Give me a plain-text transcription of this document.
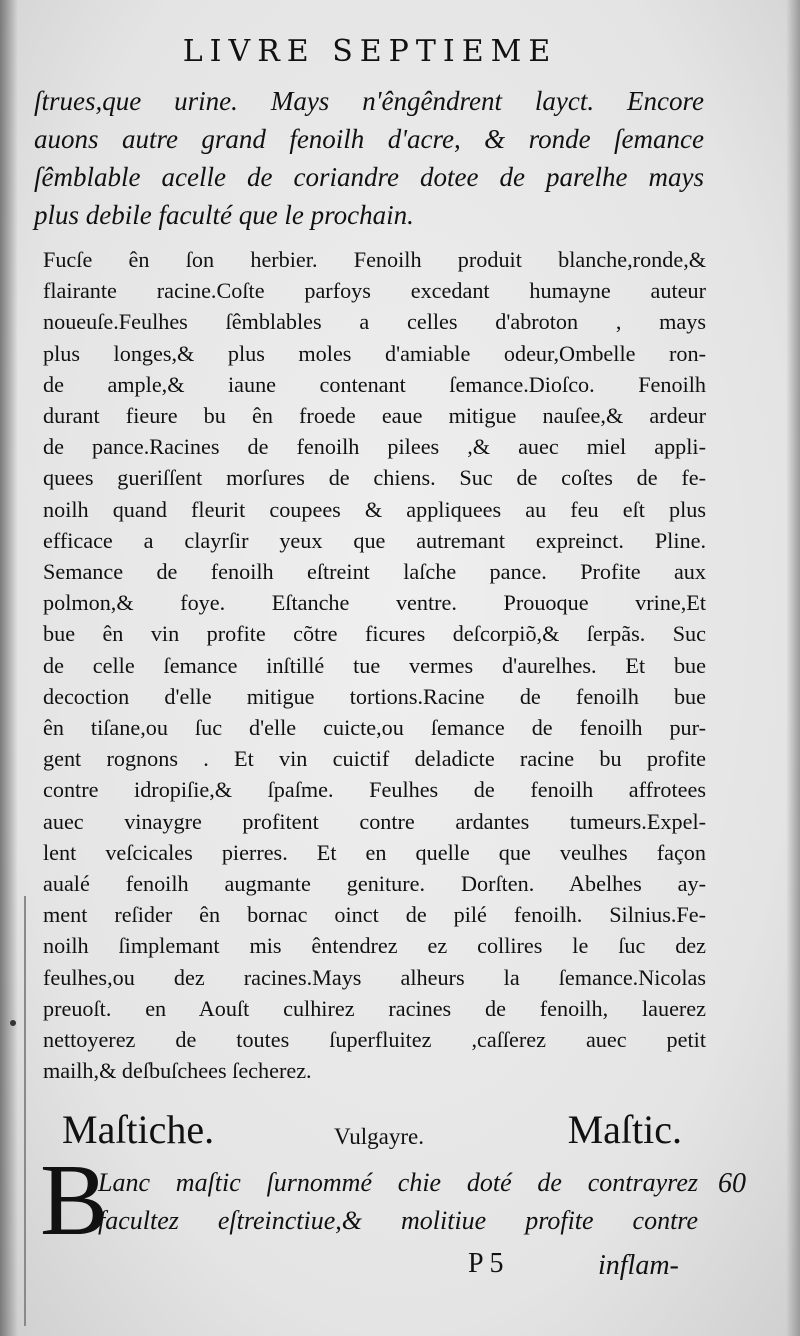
LIVRE SEPTIEME
ſtrues,que urine. Mays n'êngêndrent layct. Encore
auons autre grand fenoilh d'acre, & ronde ſemance
ſêmblable acelle de coriandre dotee de parelhe mays
plus debile faculté que le prochain.
Fucſe ên ſon herbier. Fenoilh produit blanche,ronde,&
flairante racine.Coſte parfoys excedant humayne auteur
noueuſe.Feulhes ſêmblables a celles d'abroton , mays
plus longes,& plus moles d'amiable odeur,Ombelle ron-
de ample,& iaune contenant ſemance.Dioſco. Fenoilh
durant fieure bu ên froede eaue mitigue nauſee,& ardeur
de pance.Racines de fenoilh pilees ,& auec miel appli-
quees gueriſſent morſures de chiens. Suc de coſtes de fe-
noilh quand fleurit coupees & appliquees au feu eſt plus
efficace a clayrſir yeux que autremant expreinct. Pline.
Semance de fenoilh eſtreint laſche pance. Profite aux
polmon,& foye. Eſtanche ventre. Prouoque vrine,Et
bue ên vin profite cõtre ficures deſcorpiõ,& ſerpãs. Suc
de celle ſemance inſtillé tue vermes d'aurelhes. Et bue
decoction d'elle mitigue tortions.Racine de fenoilh bue
ên tiſane,ou ſuc d'elle cuicte,ou ſemance de fenoilh pur-
gent rognons . Et vin cuictif deladicte racine bu profite
contre idropiſie,& ſpaſme. Feulhes de fenoilh affrotees
auec vinaygre profitent contre ardantes tumeurs.Expel-
lent veſcicales pierres. Et en quelle que veulhes façon
aualé fenoilh augmante geniture. Dorſten. Abelhes ay-
ment reſider ên bornac oinct de pilé fenoilh. Silnius.Fe-
noilh ſimplemant mis êntendrez ez collires le ſuc dez
feulhes,ou dez racines.Mays alheurs la ſemance.Nicolas
preuoſt. en Aouſt culhirez racines de fenoilh, lauerez
nettoyerez de toutes ſuperfluitez ,caſſerez auec petit
mailh,& deſbuſchees ſecherez.
Maſtiche.	Vulgayre.	Maſtic.
B
Lanc maſtic ſurnommé chie doté de contrayrez
facultez eſtreinctiue,& molitiue profite contre
60
P 5	inflam-
